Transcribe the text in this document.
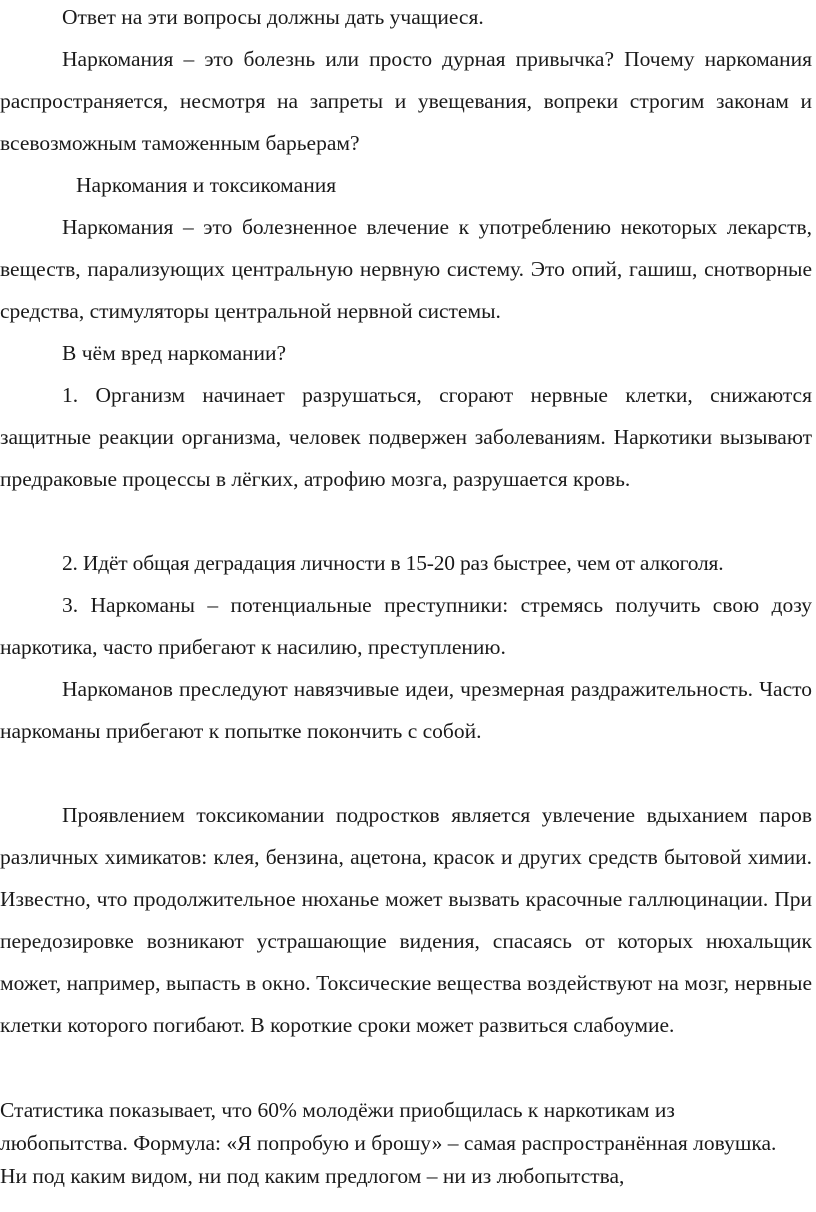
Ответ на эти вопросы должны дать учащиеся.

Наркомания – это болезнь или просто дурная привычка? Почему наркомания распространяется, несмотря на запреты и увещевания, вопреки строгим законам и всевозможным таможенным барьерам?

Наркомания и токсикомания

Наркомания – это болезненное влечение к употреблению некоторых лекарств, веществ, парализующих центральную нервную систему. Это опий, гашиш, снотворные средства, стимуляторы центральной нервной системы.

В чём вред наркомании?

1. Организм начинает разрушаться, сгорают нервные клетки, снижаются защитные реакции организма, человек подвержен заболеваниям. Наркотики вызывают предраковые процессы в лёгких, атрофию мозга, разрушается кровь.

2. Идёт общая деградация личности в 15-20 раз быстрее, чем от алкоголя.

3. Наркоманы – потенциальные преступники: стремясь получить свою дозу наркотика, часто прибегают к насилию, преступлению.

Наркоманов преследуют навязчивые идеи, чрезмерная раздражительность. Часто наркоманы прибегают к попытке покончить с собой.

Проявлением токсикомании подростков является увлечение вдыханием паров различных химикатов: клея, бензина, ацетона, красок и других средств бытовой химии. Известно, что продолжительное нюханье может вызвать красочные галлюцинации. При передозировке возникают устрашающие видения, спасаясь от которых нюхальщик может, например, выпасть в окно. Токсические вещества воздействуют на мозг, нервные клетки которого погибают. В короткие сроки может развиться слабоумие.

Статистика показывает, что 60% молодёжи приобщилась к наркотикам из любопытства. Формула: «Я попробую и брошу» – самая распространённая ловушка. Ни под каким видом, ни под каким предлогом – ни из любопытства,
